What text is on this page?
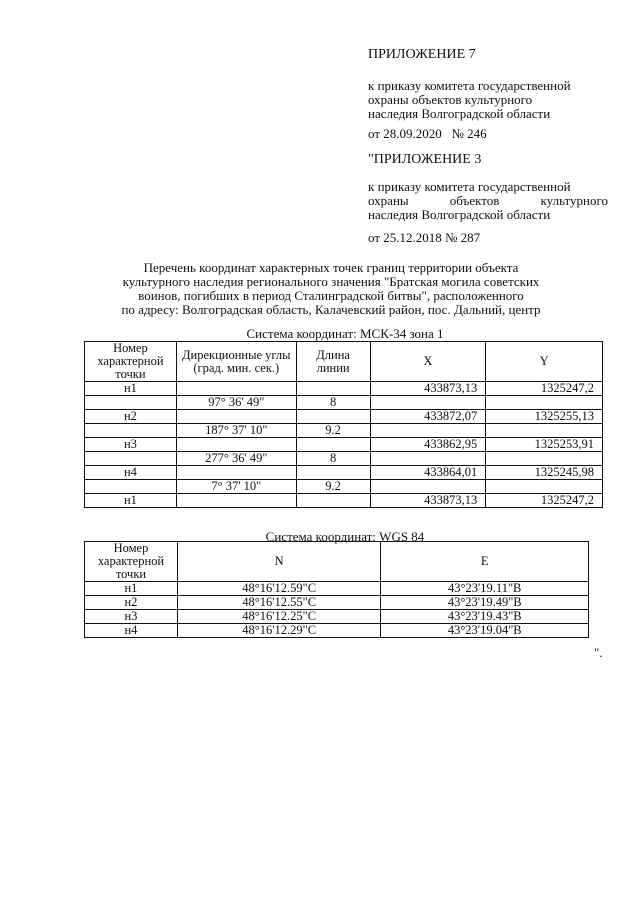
ПРИЛОЖЕНИЕ 7
к приказу комитета государственной
охраны объектов культурного
наследия Волгоградской области
от 28.09.2020   № 246
"ПРИЛОЖЕНИЕ 3
к приказу комитета государственной
охраны объектов культурного
наследия Волгоградской области
от 25.12.2018 № 287
Перечень координат характерных точек границ территории объекта
культурного наследия регионального значения "Братская могила советских
воинов, погибших в период Сталинградской битвы", расположенного
по адресу: Волгоградская область, Калачевский район, пос. Дальний, центр
Система координат: МСК-34 зона 1
Номер характерной точки	Дирекционные углы (град. мин. сек.)	Длина линии	X	Y
н1			433873,13	1325247,2
	97° 36' 49"	8		
н2			433872,07	1325255,13
	187° 37' 10"	9.2		
н3			433862,95	1325253,91
	277° 36' 49"	8		
н4			433864,01	1325245,98
	7° 37' 10"	9.2		
н1			433873,13	1325247,2
Система координат: WGS 84
Номер характерной точки	N	E
н1	48°16'12.59"С	43°23'19.11"В
н2	48°16'12.55"С	43°23'19.49"В
н3	48°16'12.25"С	43°23'19.43"В
н4	48°16'12.29"С	43°23'19.04"В
".
